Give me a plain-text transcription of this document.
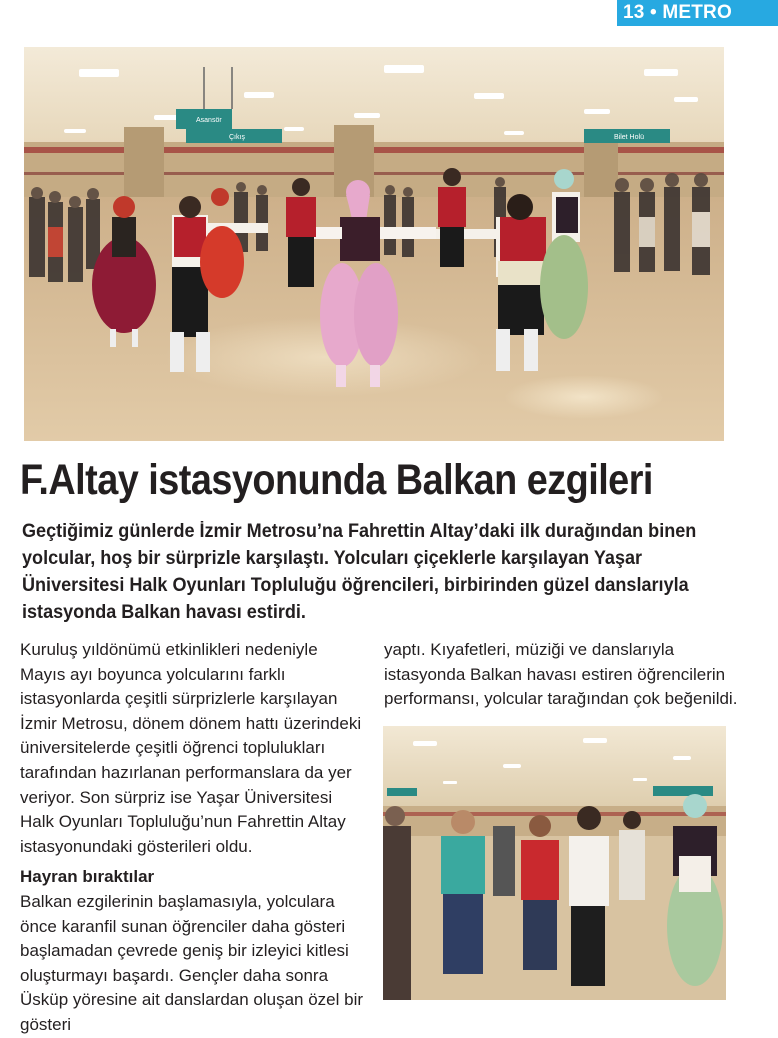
13 • METRO
Asansör
Çıkış	Bilet Holü
F.Altay istasyonunda Balkan ezgileri
Geçtiğimiz günlerde İzmir Metrosu’na Fahrettin Altay’daki ilk durağından binen yolcular, hoş bir sürprizle karşılaştı. Yolcuları çiçeklerle karşılayan Yaşar Üniversitesi Halk Oyunları Topluluğu öğrencileri, birbirinden güzel danslarıyla istasyonda Balkan havası estirdi.

Kuruluş yıldönümü etkinlikleri nedeniyle Mayıs ayı boyunca yolcularını farklı istasyonlarda çeşitli sürprizlerle karşılayan İzmir Metrosu, dönem dönem hattı üzerindeki üniversitelerde çeşitli öğrenci toplulukları tarafından hazırlanan performanslara da yer veriyor. Son sürpriz ise Yaşar Üniversitesi Halk Oyunları Topluluğu’nun Fahrettin Altay istasyonundaki gösterileri oldu.

Hayran bıraktılar

Balkan ezgilerinin başlamasıyla, yolculara önce karanfil sunan öğrenciler daha gösteri başlamadan çevrede geniş bir izleyici kitlesi oluşturmayı başardı. Gençler daha sonra Üsküp yöresine ait danslardan oluşan özel bir gösteri

yaptı. Kıyafetleri, müziği ve danslarıyla istasyonda Balkan havası estiren öğrencilerin performansı, yolcular tarağından çok beğenildi.
